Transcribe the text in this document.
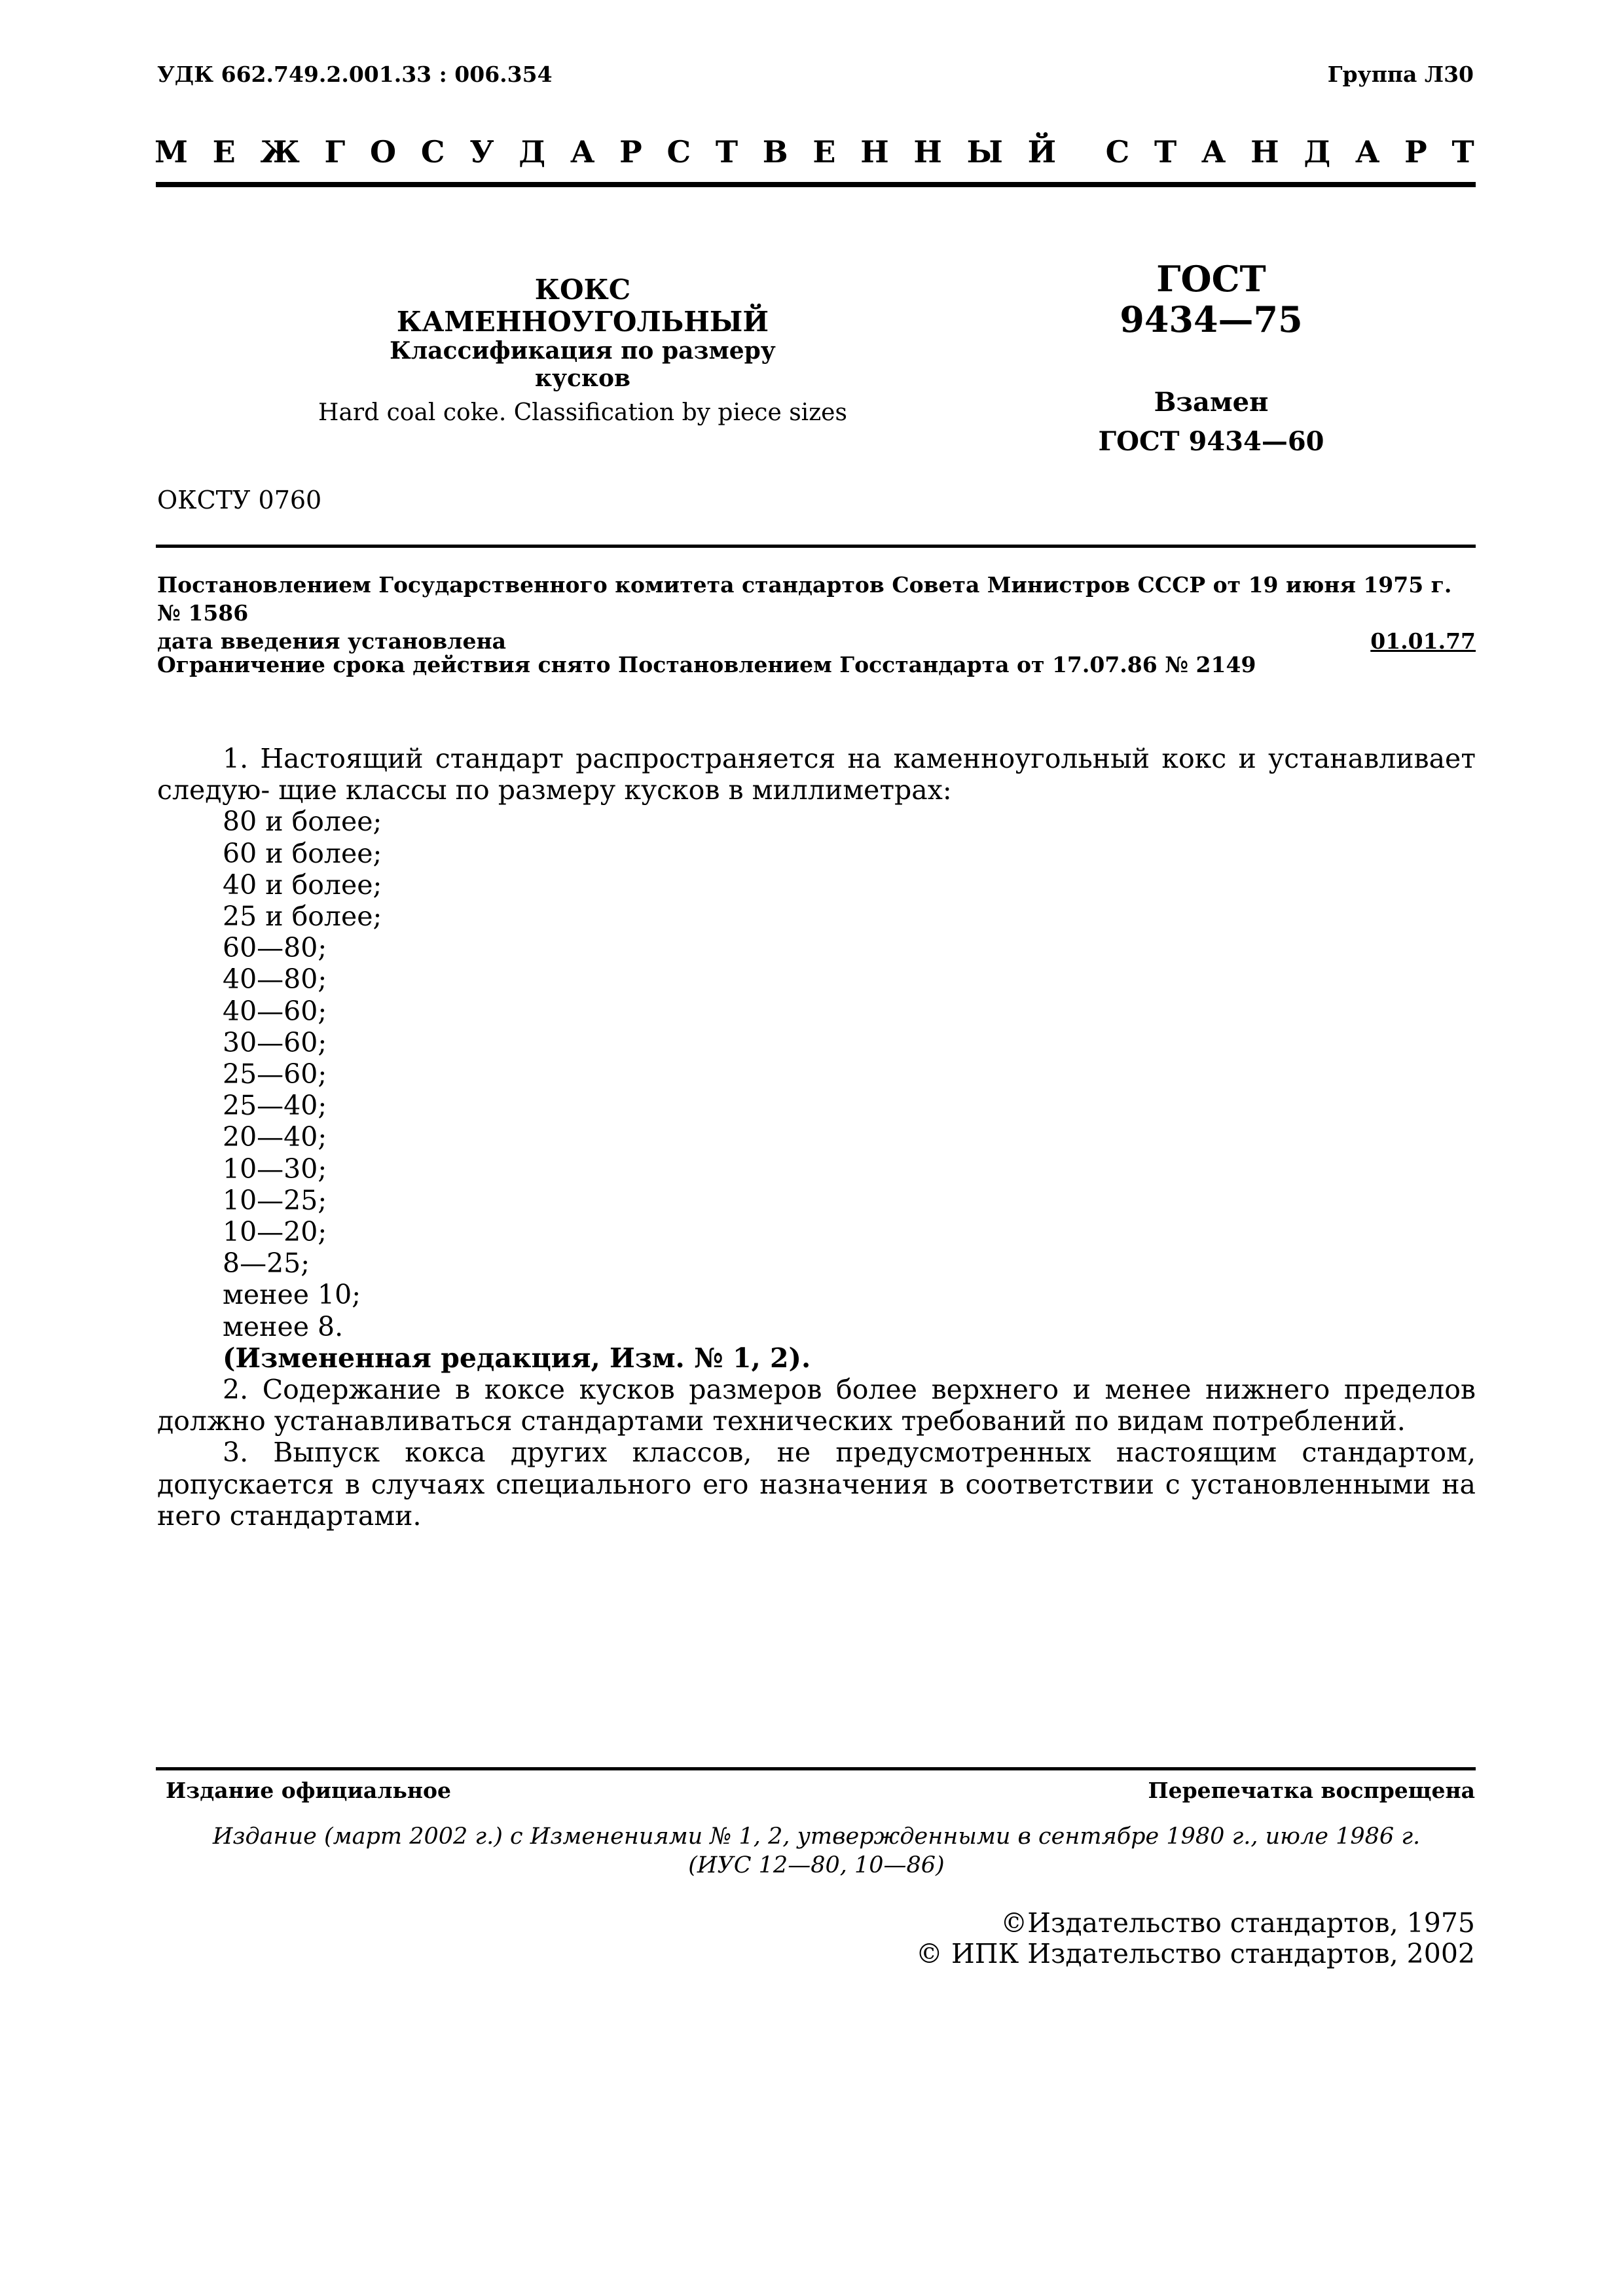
УДК 662.749.2.001.33 : 006.354	Группа Л30
М Е Ж Г О С У Д А Р С Т В Е Н Н Ы Й С Т А Н Д А Р Т
КОКС КАМЕННОУГОЛЬНЫЙ
Классификация по размеру кусков
Hard coal coke. Classification by piece sizes
ГОСТ
9434—75
Взамен
ГОСТ 9434—60
ОКСТУ 0760
Постановлением Государственного комитета стандартов Совета Министров СССР от 19 июня 1975 г. № 1586
дата введения установлена	01.01.77
Ограничение срока действия снято Постановлением Госстандарта от 17.07.86 № 2149

1. Настоящий стандарт распространяется на каменноугольный кокс и устанавливает следую- щие классы по размеру кусков в миллиметрах:

80 и более;
60 и более;
40 и более;
25 и более;
60—80;
40—80;
40—60;
30—60;
25—60;
25—40;
20—40;
10—30;
10—25;
10—20;
8—25;
менее 10;
менее 8.
(Измененная редакция, Изм. № 1, 2).

2. Содержание в коксе кусков размеров более верхнего и менее нижнего пределов должно устанавливаться стандартами технических требований по видам потреблений.

3. Выпуск кокса других классов, не предусмотренных настоящим стандартом, допускается в случаях специального его назначения в соответствии с установленными на него стандартами.

Издание официальное	Перепечатка воспрещена
Издание (март 2002 г.) с Изменениями № 1, 2, утвержденными в сентябре 1980 г., июле 1986 г.
(ИУС 12—80, 10—86)
©Издательство стандартов, 1975
© ИПК Издательство стандартов, 2002
